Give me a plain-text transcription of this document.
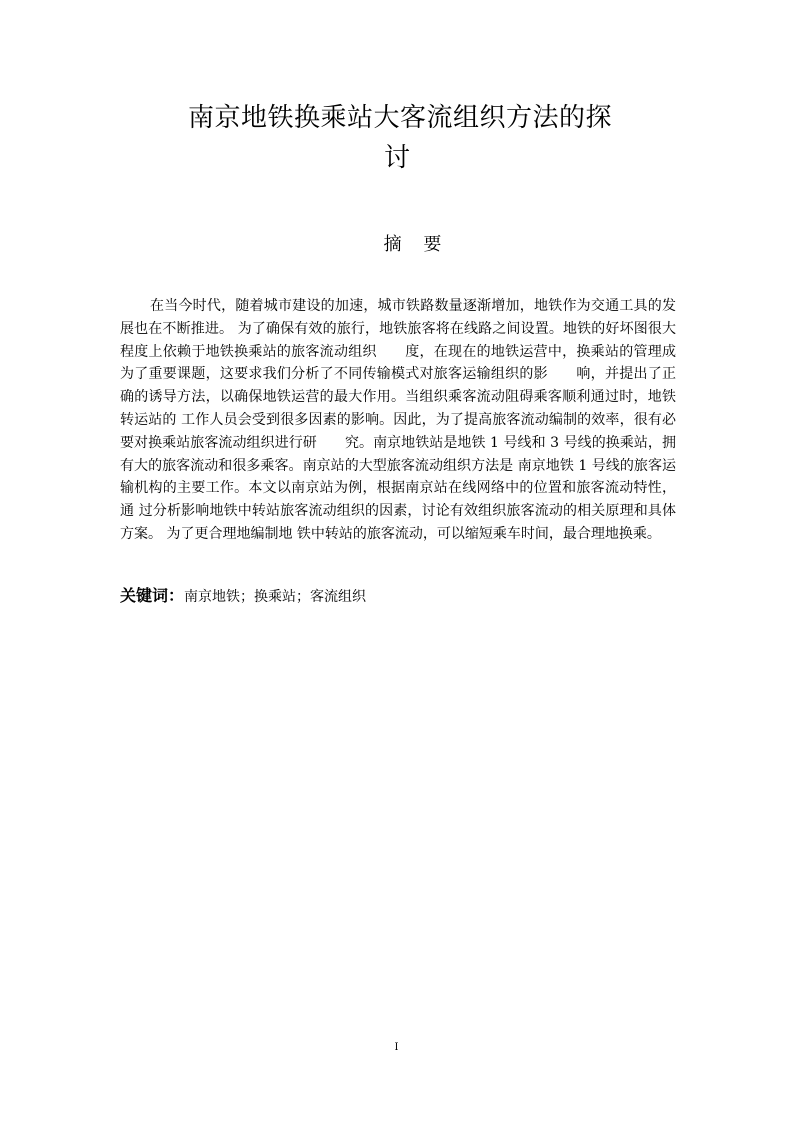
南京地铁换乘站大客流组织方法的探
讨
摘 要

在当今时代，随着城市建设的加速，城市铁路数量逐渐增加，地铁作为交通工具的发展也在不断推进。 为了确保有效的旅行，地铁旅客将在线路之间设置。地铁的好坏图很大程度上依赖于地铁换乘站的旅客流动组织　　度，在现在的地铁运营中，换乘站的管理成为了重要课题，这要求我们分析了不同传输模式对旅客运输组织的影　　响，并提出了正确的诱导方法，以确保地铁运营的最大作用。当组织乘客流动阻碍乘客顺利通过时，地铁转运站的 工作人员会受到很多因素的影响。因此，为了提高旅客流动编制的效率，很有必要对换乘站旅客流动组织进行研　　究。南京地铁站是地铁 1 号线和 3 号线的换乘站，拥有大的旅客流动和很多乘客。南京站的大型旅客流动组织方法是 南京地铁 1 号线的旅客运输机构的主要工作。本文以南京站为例，根据南京站在线网络中的位置和旅客流动特性，通 过分析影响地铁中转站旅客流动组织的因素，讨论有效组织旅客流动的相关原理和具体方案。 为了更合理地编制地 铁中转站的旅客流动，可以缩短乘车时间，最合理地换乘。

关键词：南京地铁；换乘站；客流组织

I
